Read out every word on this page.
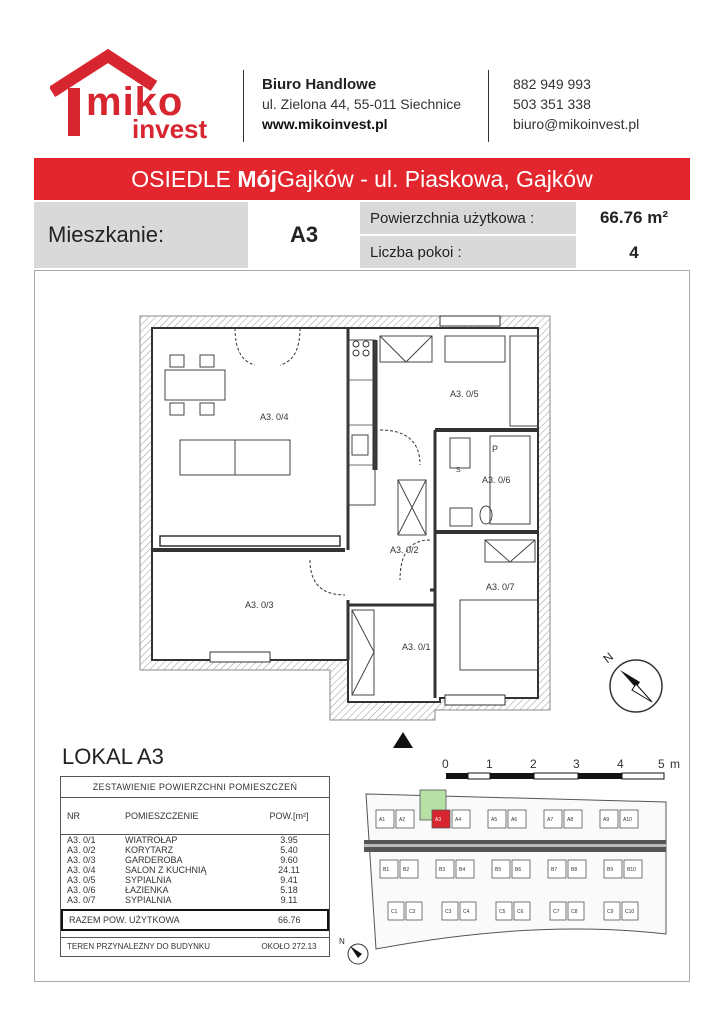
miko
invest
Biuro Handlowe
ul. Zielona 44, 55-011 Siechnice
www.mikoinvest.pl
882 949 993
503 351 338
biuro@mikoinvest.pl
OSIEDLE MójGajków - ul. Piaskowa, Gajków
Mieszkanie:	A3
Powierzchnia użytkowa :	66.76 m²
Liczba pokoi :	4
A3. 0/4
A3. 0/5
A3. 0/6
A3. 0/2
A3. 0/3
A3. 0/7
A3. 0/1
P
S
N
LOKAL A3	0	1	2	3	4	5 m
ZESTAWIENIE POWIERZCHNI POMIESZCZEŃ
NR	POMIESZCZENIE	POW.[m²]
A3. 0/1	WIATROŁAP	3.95
A3. 0/2	KORYTARZ	5.40
A3. 0/3	GARDEROBA	9.60
A3. 0/4	SALON Z KUCHNIĄ	24.11
A3. 0/5	SYPIALNIA	9.41
A3. 0/6	ŁAZIENKA	5.18
A3. 0/7	SYPIALNIA	9.11
RAZEM POW. UŻYTKOWA	66.76
TEREN PRZYNALEŻNY DO BUDYNKU	OKOŁO 272.13
A1	A2	A3	A4	A5	A6	A7	A8	A9	A10
B1	B2	B3	B4	B5	B6	B7	B8	B9	B10
C1 C2	C3 C4	C5 C6	C7 C8	C9 C10
N
